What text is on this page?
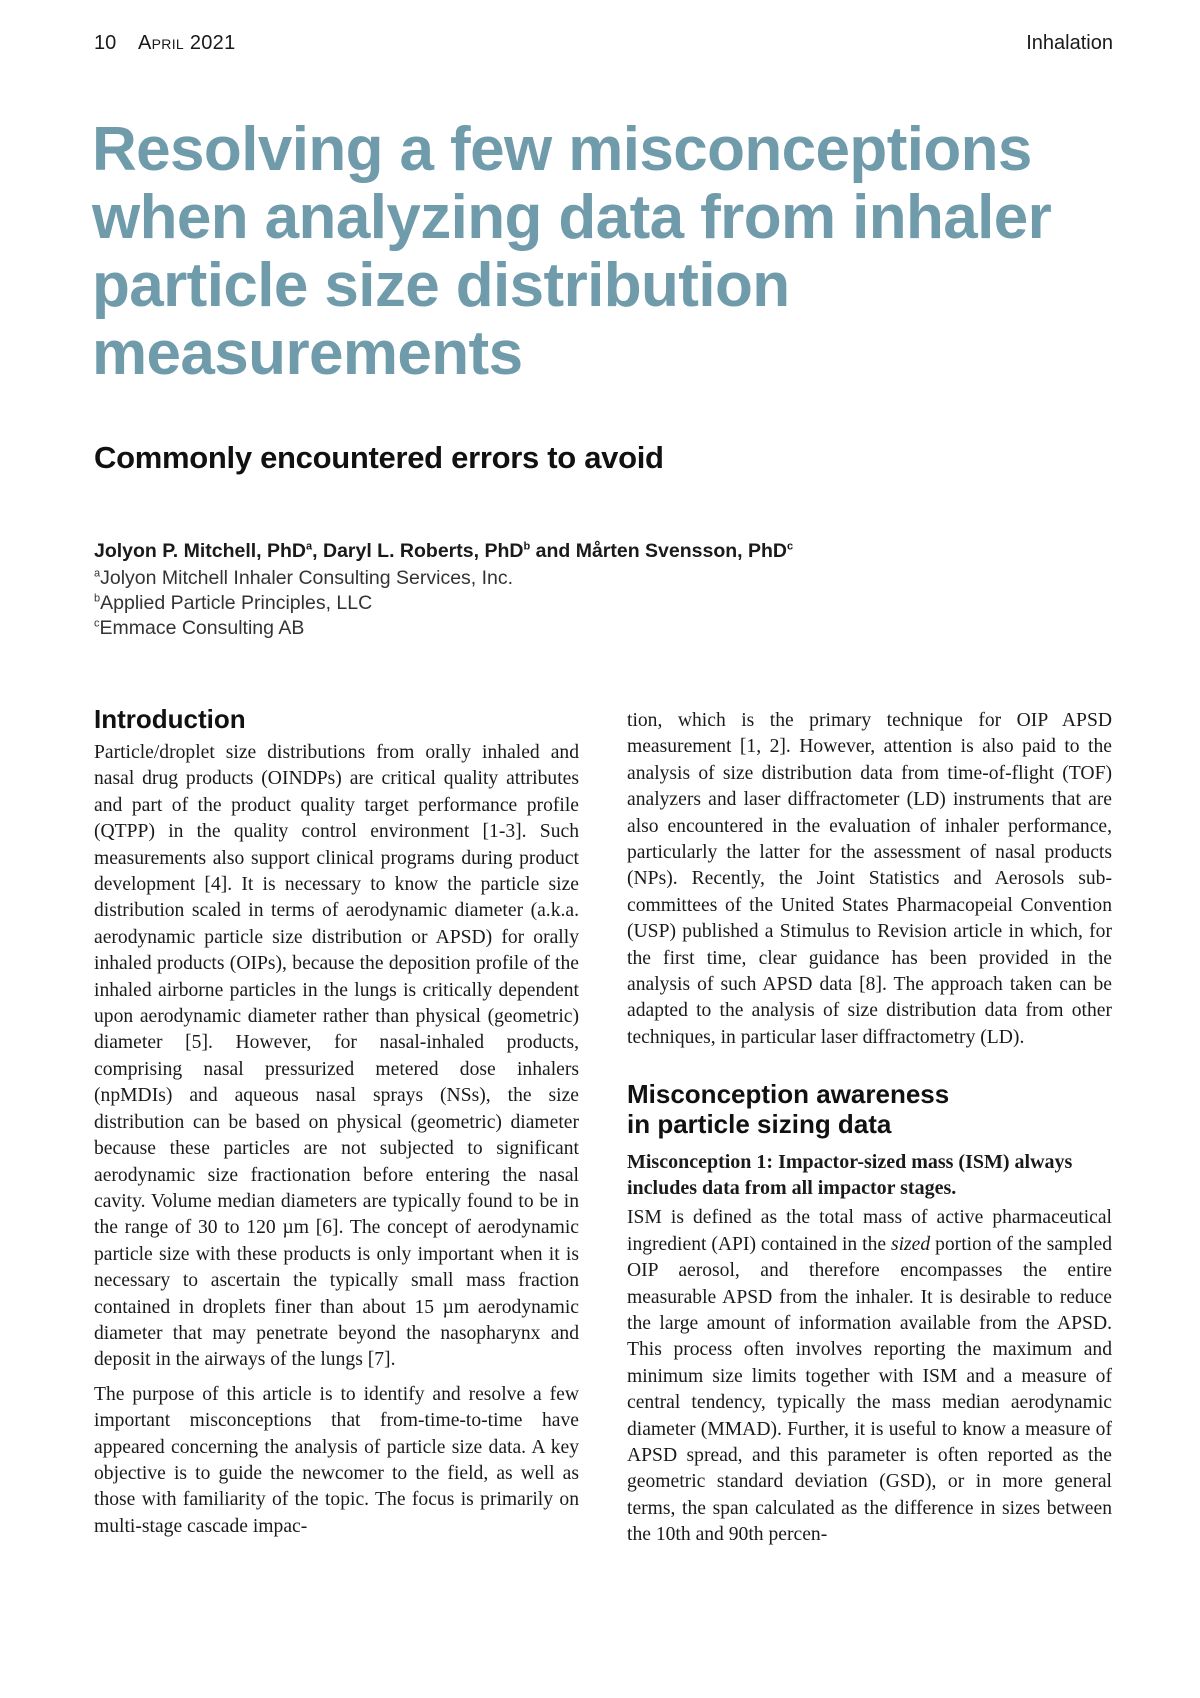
10 April 2021	Inhalation
Resolving a few misconceptions when analyzing data from inhaler particle size distribution measurements
Commonly encountered errors to avoid
Jolyon P. Mitchell, PhD$^a$, Daryl L. Roberts, PhD$^b$ and Mårten Svensson, PhD$^c$
$^a$Jolyon Mitchell Inhaler Consulting Services, Inc.
$^b$Applied Particle Principles, LLC
$^c$Emmace Consulting AB
Introduction

Particle/droplet size distributions from orally inhaled and nasal drug products (OINDPs) are critical quality attributes and part of the product quality target performance profile (QTPP) in the quality control environment [1-3]. Such measurements also support clinical programs during product development [4]. It is necessary to know the particle size distribution scaled in terms of aerodynamic diameter (a.k.a. aerodynamic particle size distribution or APSD) for orally inhaled products (OIPs), because the deposition profile of the inhaled airborne particles in the lungs is critically dependent upon aerodynamic diameter rather than physical (geometric) diameter [5]. However, for nasal-inhaled products, comprising nasal pressurized metered dose inhalers (npMDIs) and aqueous nasal sprays (NSs), the size distribution can be based on physical (geometric) diameter because these particles are not subjected to significant aerodynamic size fractionation before entering the nasal cavity. Volume median diameters are typically found to be in the range of 30 to 120 µm [6]. The concept of aerodynamic particle size with these products is only important when it is necessary to ascertain the typically small mass fraction contained in droplets finer than about 15 µm aerodynamic diameter that may penetrate beyond the nasopharynx and deposit in the airways of the lungs [7].

The purpose of this article is to identify and resolve a few important misconceptions that from-time-to-time have appeared concerning the analysis of particle size data. A key objective is to guide the newcomer to the field, as well as those with familiarity of the topic. The focus is primarily on multi-stage cascade impac-

tion, which is the primary technique for OIP APSD measurement [1, 2]. However, attention is also paid to the analysis of size distribution data from time-of-flight (TOF) analyzers and laser diffractometer (LD) instruments that are also encountered in the evaluation of inhaler performance, particularly the latter for the assessment of nasal products (NPs). Recently, the Joint Statistics and Aerosols sub-committees of the United States Pharmacopeial Convention (USP) published a Stimulus to Revision article in which, for the first time, clear guidance has been provided in the analysis of such APSD data [8]. The approach taken can be adapted to the analysis of size distribution data from other techniques, in particular laser diffractometry (LD).

Misconception awareness
in particle sizing data
Misconception 1: Impactor-sized mass (ISM) always includes data from all impactor stages.

ISM is defined as the total mass of active pharmaceutical ingredient (API) contained in the sized portion of the sampled OIP aerosol, and therefore encompasses the entire measurable APSD from the inhaler. It is desirable to reduce the large amount of information available from the APSD. This process often involves reporting the maximum and minimum size limits together with ISM and a measure of central tendency, typically the mass median aerodynamic diameter (MMAD). Further, it is useful to know a measure of APSD spread, and this parameter is often reported as the geometric standard deviation (GSD), or in more general terms, the span calculated as the difference in sizes between the 10th and 90th percen-
